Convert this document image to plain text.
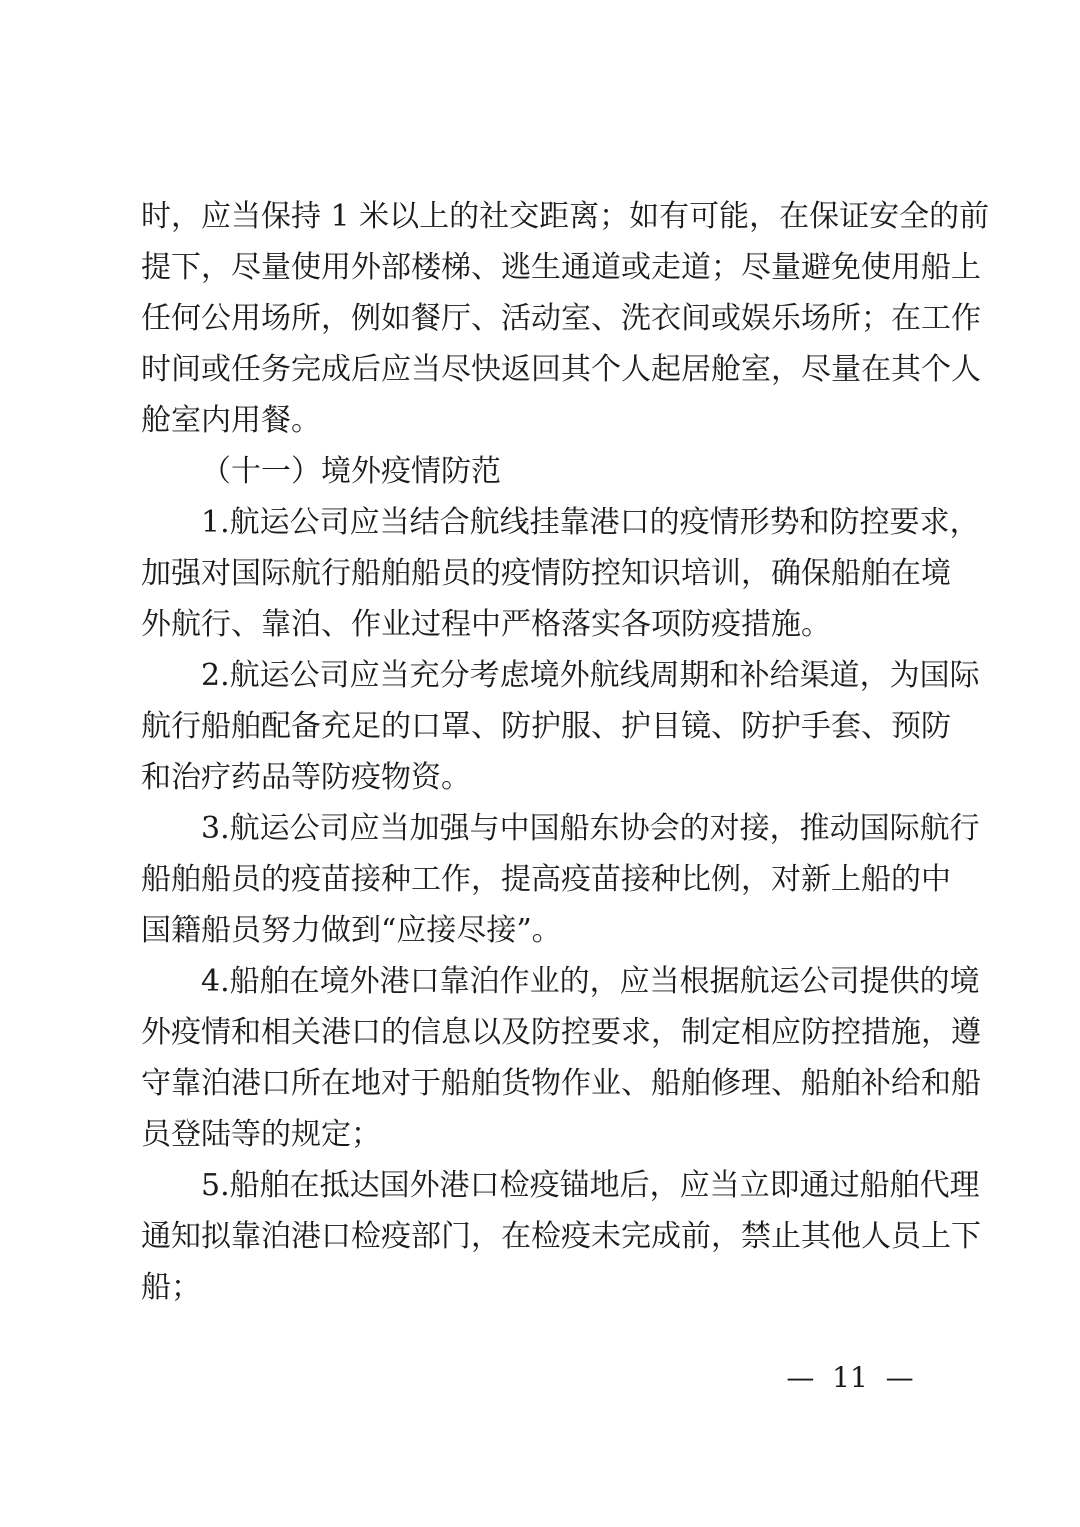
时，应当保持 1 米以上的社交距离；如有可能，在保证安全的前
提下，尽量使用外部楼梯、逃生通道或走道；尽量避免使用船上
任何公用场所，例如餐厅、活动室、洗衣间或娱乐场所；在工作
时间或任务完成后应当尽快返回其个人起居舱室，尽量在其个人
舱室内用餐。
（十一）境外疫情防范
1.航运公司应当结合航线挂靠港口的疫情形势和防控要求，
加强对国际航行船舶船员的疫情防控知识培训，确保船舶在境
外航行、靠泊、作业过程中严格落实各项防疫措施。
2.航运公司应当充分考虑境外航线周期和补给渠道，为国际
航行船舶配备充足的口罩、防护服、护目镜、防护手套、预防
和治疗药品等防疫物资。
3.航运公司应当加强与中国船东协会的对接，推动国际航行
船舶船员的疫苗接种工作，提高疫苗接种比例，对新上船的中
国籍船员努力做到“应接尽接”。
4.船舶在境外港口靠泊作业的，应当根据航运公司提供的境
外疫情和相关港口的信息以及防控要求，制定相应防控措施，遵
守靠泊港口所在地对于船舶货物作业、船舶修理、船舶补给和船
员登陆等的规定；
5.船舶在抵达国外港口检疫锚地后，应当立即通过船舶代理
通知拟靠泊港口检疫部门，在检疫未完成前，禁止其他人员上下
船；
—  11  —
